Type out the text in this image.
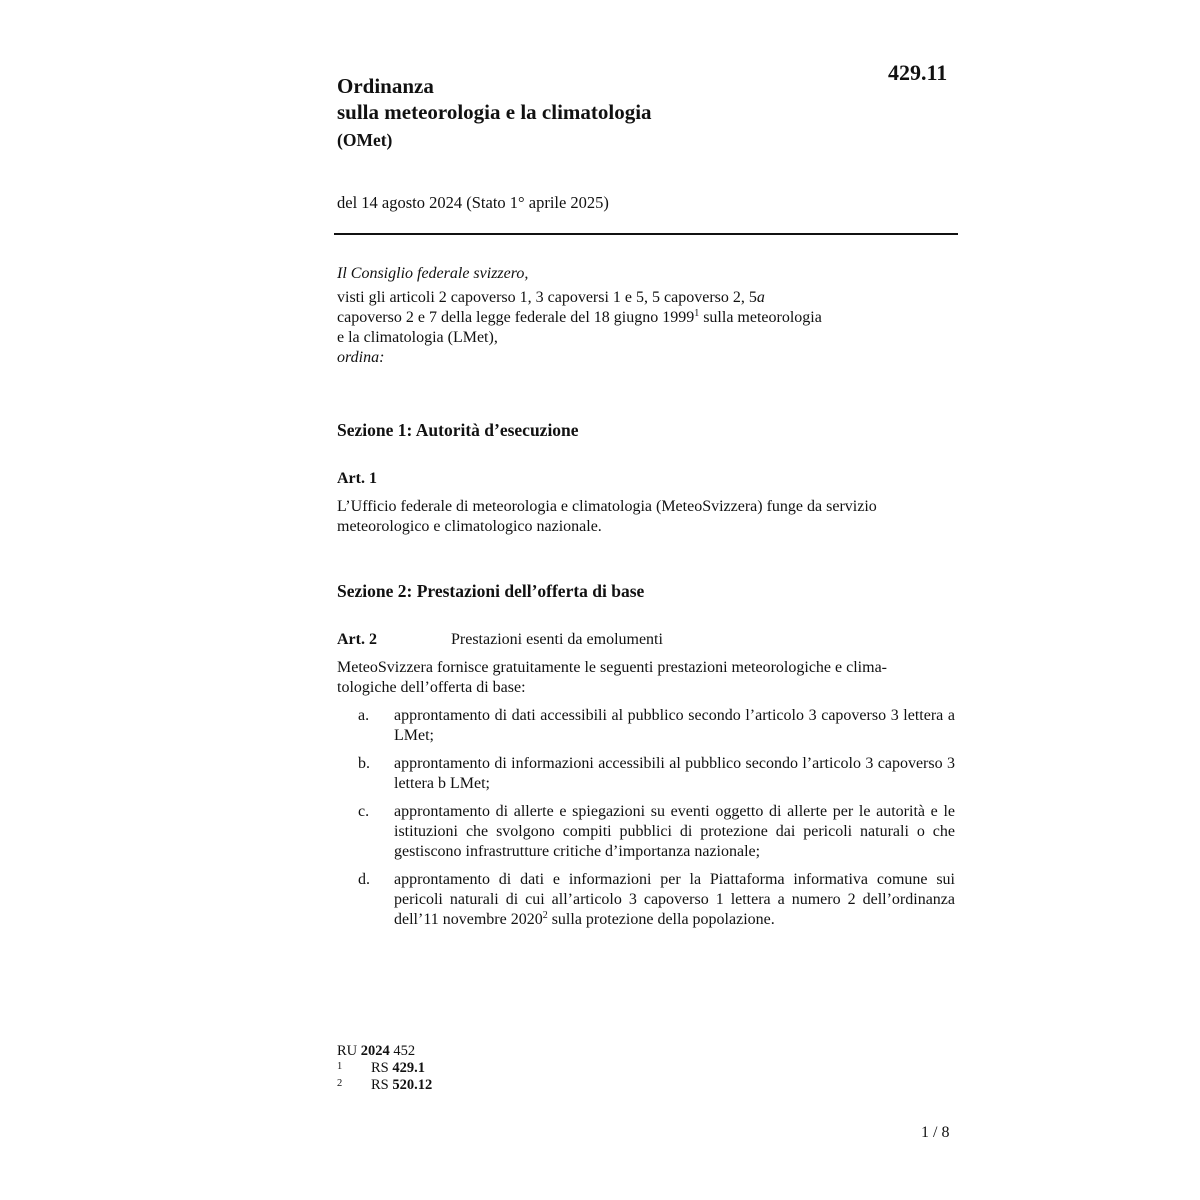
429.11
Ordinanza
sulla meteorologia e la climatologia
(OMet)
del 14 agosto 2024 (Stato 1° aprile 2025)

Il Consiglio federale svizzero,

visti gli articoli 2 capoverso 1, 3 capoversi 1 e 5, 5 capoverso 2, 5a
capoverso 2 e 7 della legge federale del 18 giugno 1999$^1$ sulla meteorologia
e la climatologia (LMet),

ordina:

Sezione 1: Autorità d’esecuzione
Art. 1
L’Ufficio federale di meteorologia e climatologia (MeteoSvizzera) funge da servizio
meteorologico e climatologico nazionale.
Sezione 2: Prestazioni dell’offerta di base
Art. 2	Prestazioni esenti da emolumenti
MeteoSvizzera fornisce gratuitamente le seguenti prestazioni meteorologiche e clima-
tologiche dell’offerta di base:
a. approntamento di dati accessibili al pubblico secondo l’articolo 3 capoverso 3 lettera a LMet;
b. approntamento di informazioni accessibili al pubblico secondo l’articolo 3 capoverso 3 lettera b LMet;
c. approntamento di allerte e spiegazioni su eventi oggetto di allerte per le autorità e le istituzioni che svolgono compiti pubblici di protezione dai pericoli naturali o che gestiscono infrastrutture critiche d’importanza nazionale;
d. approntamento di dati e informazioni per la Piattaforma informativa comune sui pericoli naturali di cui all’articolo 3 capoverso 1 lettera a numero 2 dell’ordinanza dell’11 novembre 2020$^2$ sulla protezione della popolazione.
RU 2024 452
1 RS 429.1
2 RS 520.12
1 / 8
